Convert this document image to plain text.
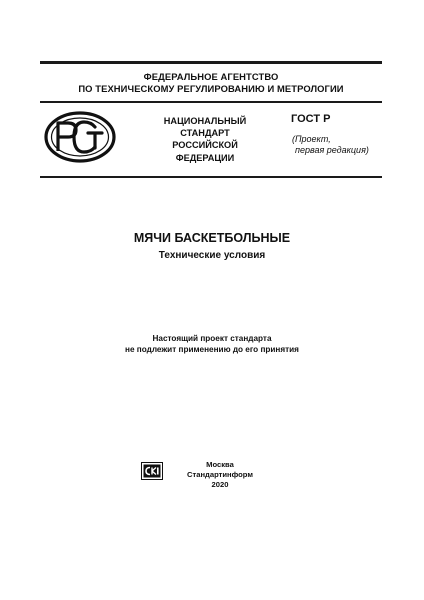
ФЕДЕРАЛЬНОЕ АГЕНТСТВО
ПО ТЕХНИЧЕСКОМУ РЕГУЛИРОВАНИЮ И МЕТРОЛОГИИ
НАЦИОНАЛЬНЫЙ
СТАНДАРТ
РОССИЙСКОЙ
ФЕДЕРАЦИИ
ГОСТ Р
(Проект,
первая редакция)
МЯЧИ БАСКЕТБОЛЬНЫЕ
Технические условия
Настоящий проект стандарта
не подлежит применению до его принятия
Москва
Стандартинформ
2020
